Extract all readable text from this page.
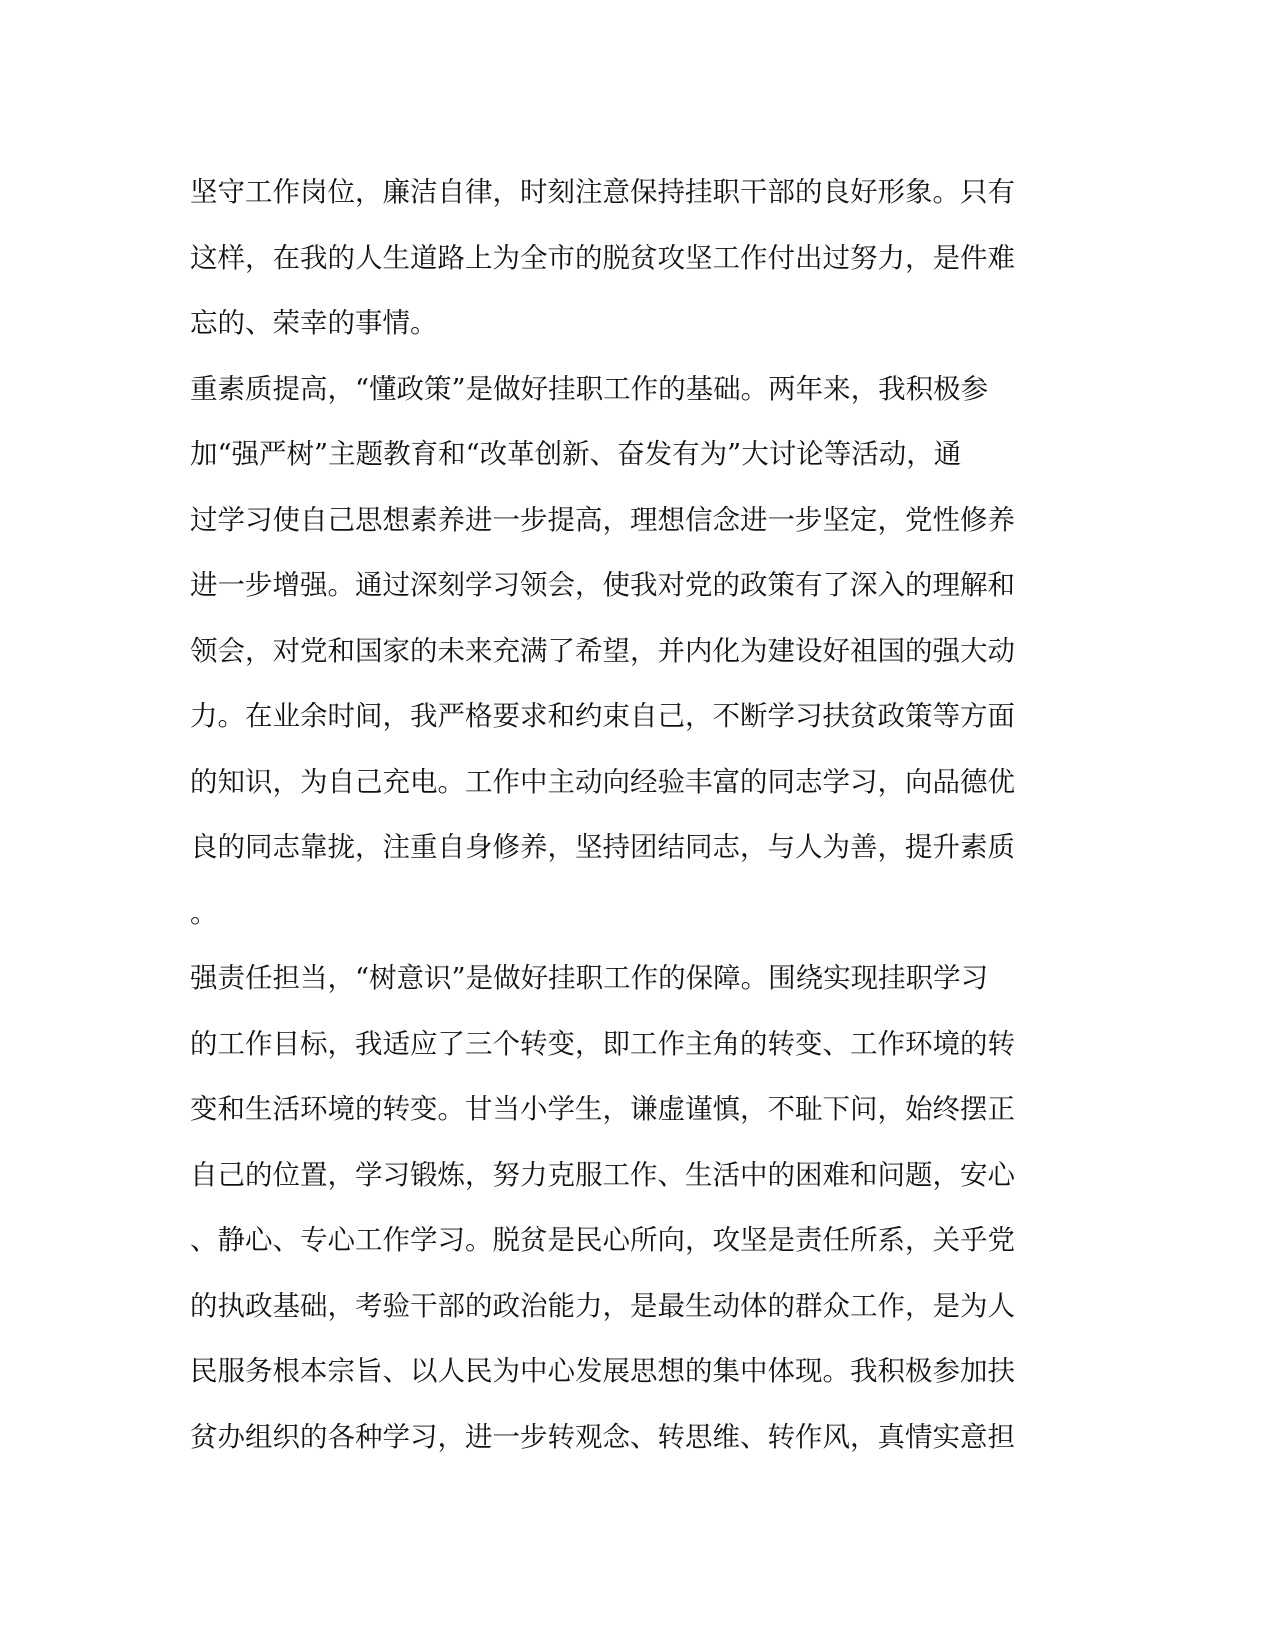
坚守工作岗位，廉洁自律，时刻注意保持挂职干部的良好形象。只有
这样，在我的人生道路上为全市的脱贫攻坚工作付出过努力，是件难
忘的、荣幸的事情。
重素质提高，“懂政策”是做好挂职工作的基础。两年来，我积极参
加“强严树”主题教育和“改革创新、奋发有为”大讨论等活动，通
过学习使自己思想素养进一步提高，理想信念进一步坚定，党性修养
进一步增强。通过深刻学习领会，使我对党的政策有了深入的理解和
领会，对党和国家的未来充满了希望，并内化为建设好祖国的强大动
力。在业余时间，我严格要求和约束自己，不断学习扶贫政策等方面
的知识，为自己充电。工作中主动向经验丰富的同志学习，向品德优
良的同志靠拢，注重自身修养，坚持团结同志，与人为善，提升素质
。
强责任担当，“树意识”是做好挂职工作的保障。围绕实现挂职学习
的工作目标，我适应了三个转变，即工作主角的转变、工作环境的转
变和生活环境的转变。甘当小学生，谦虚谨慎，不耻下问，始终摆正
自己的位置，学习锻炼，努力克服工作、生活中的困难和问题，安心
、静心、专心工作学习。脱贫是民心所向，攻坚是责任所系，关乎党
的执政基础，考验干部的政治能力，是最生动体的群众工作，是为人
民服务根本宗旨、以人民为中心发展思想的集中体现。我积极参加扶
贫办组织的各种学习，进一步转观念、转思维、转作风，真情实意担
